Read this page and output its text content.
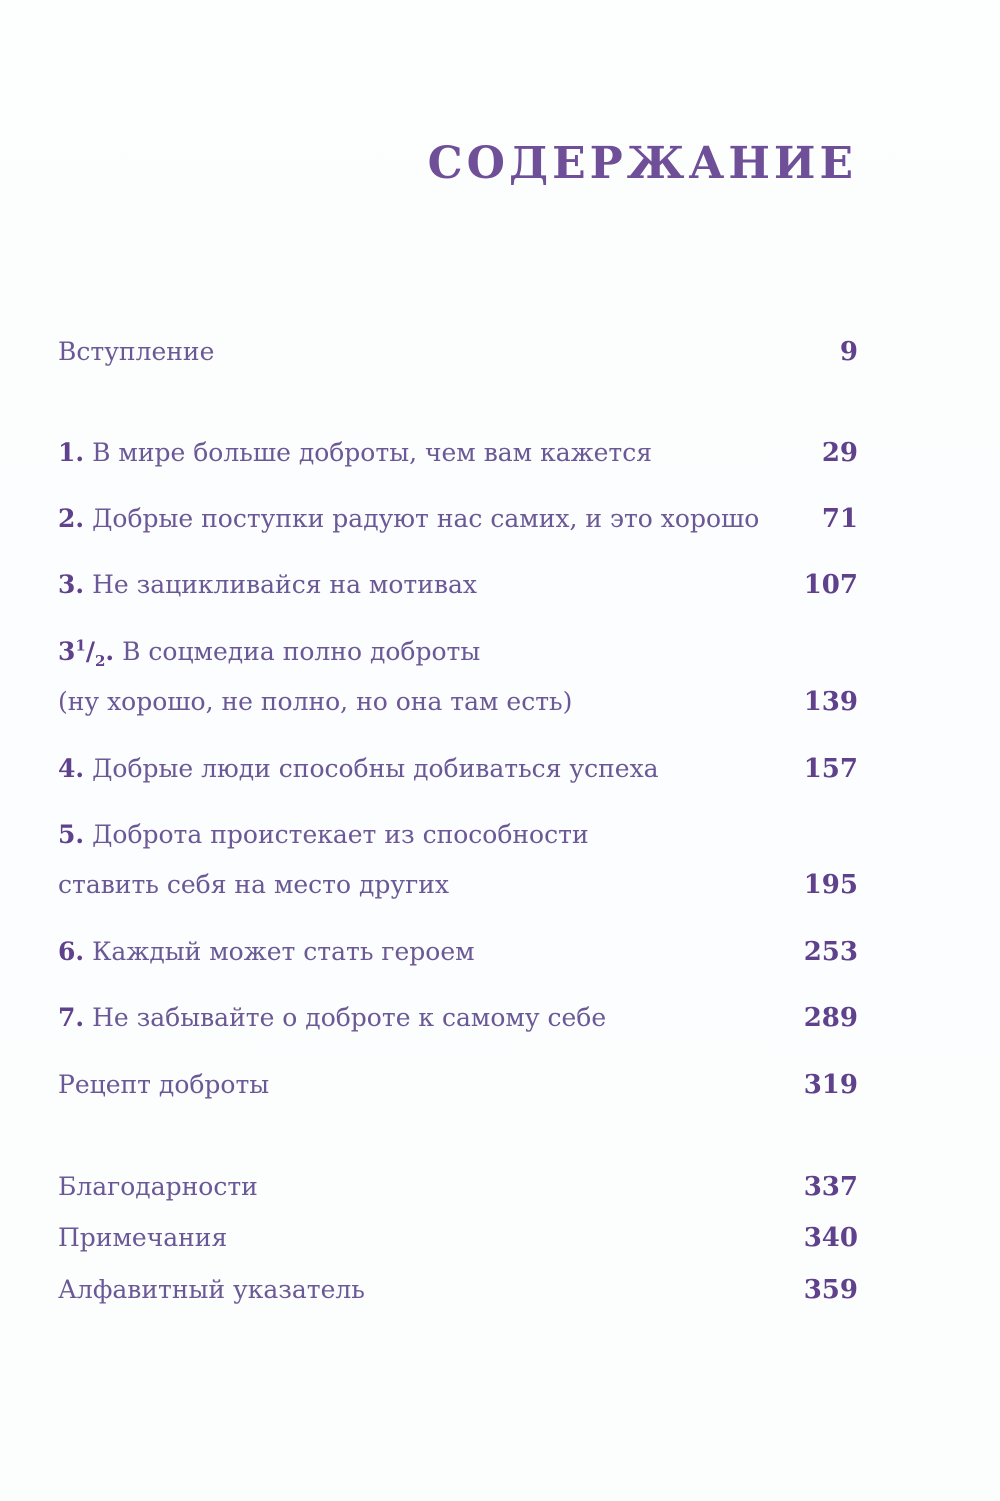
СОДЕРЖАНИЕ
Вступление	9
1. В мире больше доброты, чем вам кажется	29
2. Добрые поступки радуют нас самих, и это хорошо	71
3. Не зацикливайся на мотивах	107
$3^1/_2$. В соцмедиа полно доброты
(ну хорошо, не полно, но она там есть)	139
4. Добрые люди способны добиваться успеха	157
5. Доброта проистекает из способности
ставить себя на место других	195
6. Каждый может стать героем	253
7. Не забывайте о доброте к самому себе	289
Рецепт доброты	319
Благодарности	337
Примечания	340
Алфавитный указатель	359
